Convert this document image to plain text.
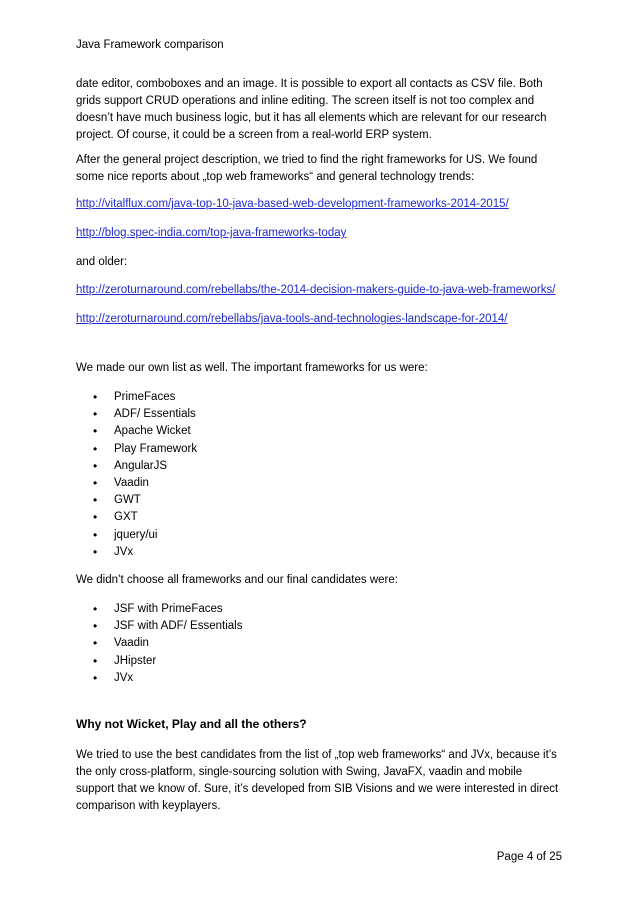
Java Framework comparison

date editor, comboboxes and an image. It is possible to export all contacts as CSV file. Both grids support CRUD operations and inline editing. The screen itself is not too complex and doesn’t have much business logic, but it has all elements which are relevant for our research project. Of course, it could be a screen from a real-world ERP system.

After the general project description, we tried to find the right frameworks for US. We found some nice reports about „top web frameworks“ and general technology trends:

http://vitalflux.com/java-top-10-java-based-web-development-frameworks-2014-2015/
http://blog.spec-india.com/top-java-frameworks-today

and older:

http://zeroturnaround.com/rebellabs/the-2014-decision-makers-guide-to-java-web-frameworks/
http://zeroturnaround.com/rebellabs/java-tools-and-technologies-landscape-for-2014/

We made our own list as well. The important frameworks for us were:

• PrimeFaces
• ADF/ Essentials
• Apache Wicket
• Play Framework
• AngularJS
• Vaadin
• GWT
• GXT
• jquery/ui
• JVx

We didn’t choose all frameworks and our final candidates were:

• JSF with PrimeFaces
• JSF with ADF/ Essentials
• Vaadin
• JHipster
• JVx
Why not Wicket, Play and all the others?

We tried to use the best candidates from the list of „top web frameworks“ and JVx, because it’s the only cross-platform, single-sourcing solution with Swing, JavaFX, vaadin and mobile support that we know of. Sure, it’s developed from SIB Visions and we were interested in direct comparison with keyplayers.

Page 4 of 25
